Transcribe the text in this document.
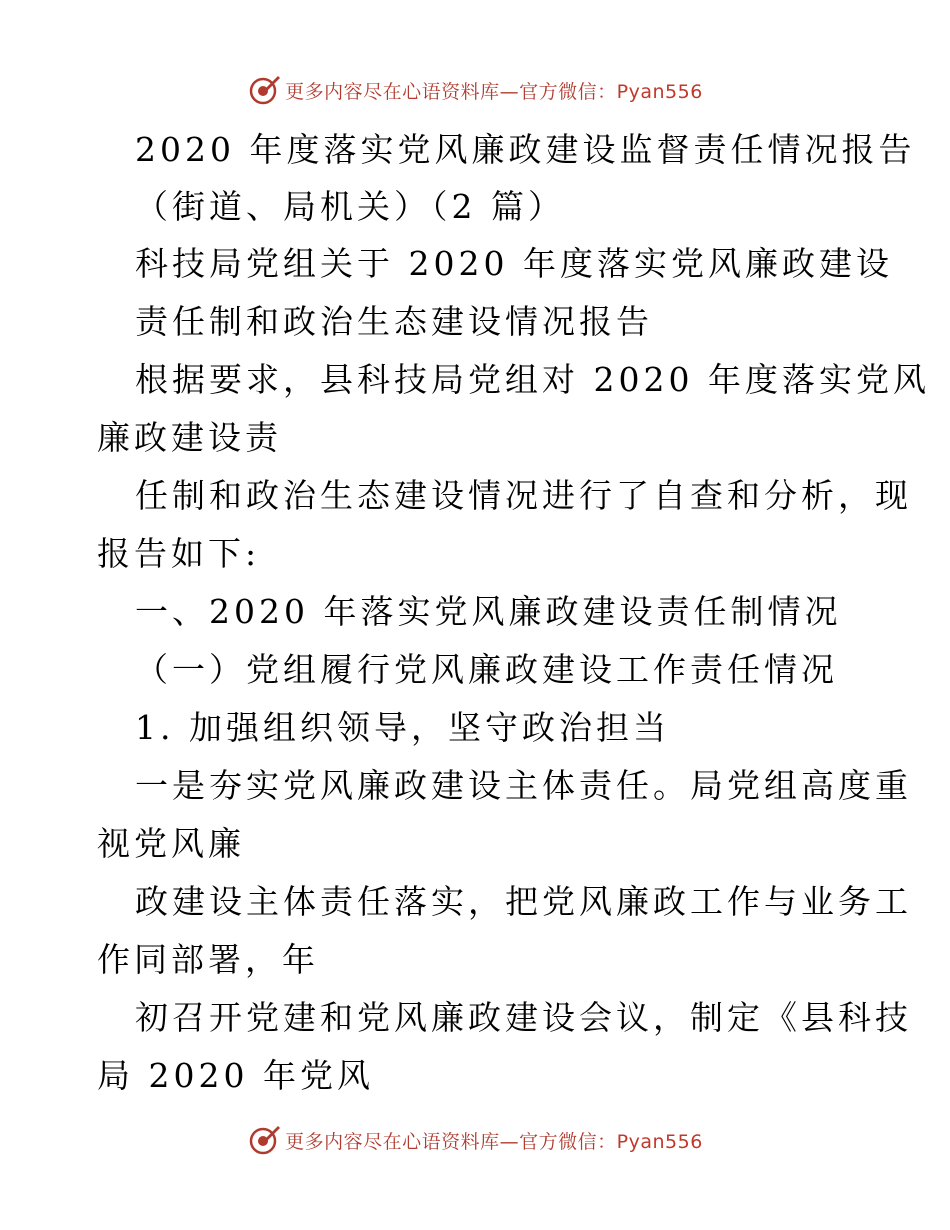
更多内容尽在心语资料库—官方微信：Pyan556
2020 年度落实党风廉政建设监督责任情况报告
（街道、局机关）（2 篇）
科技局党组关于 2020 年度落实党风廉政建设
责任制和政治生态建设情况报告
根据要求，县科技局党组对 2020 年度落实党风
廉政建设责
任制和政治生态建设情况进行了自查和分析，现
报告如下:
一、2020 年落实党风廉政建设责任制情况
（一）党组履行党风廉政建设工作责任情况
1. 加强组织领导，坚守政治担当
一是夯实党风廉政建设主体责任。局党组高度重
视党风廉
政建设主体责任落实，把党风廉政工作与业务工
作同部署，年
初召开党建和党风廉政建设会议，制定《县科技
局 2020 年党风
更多内容尽在心语资料库—官方微信：Pyan556
